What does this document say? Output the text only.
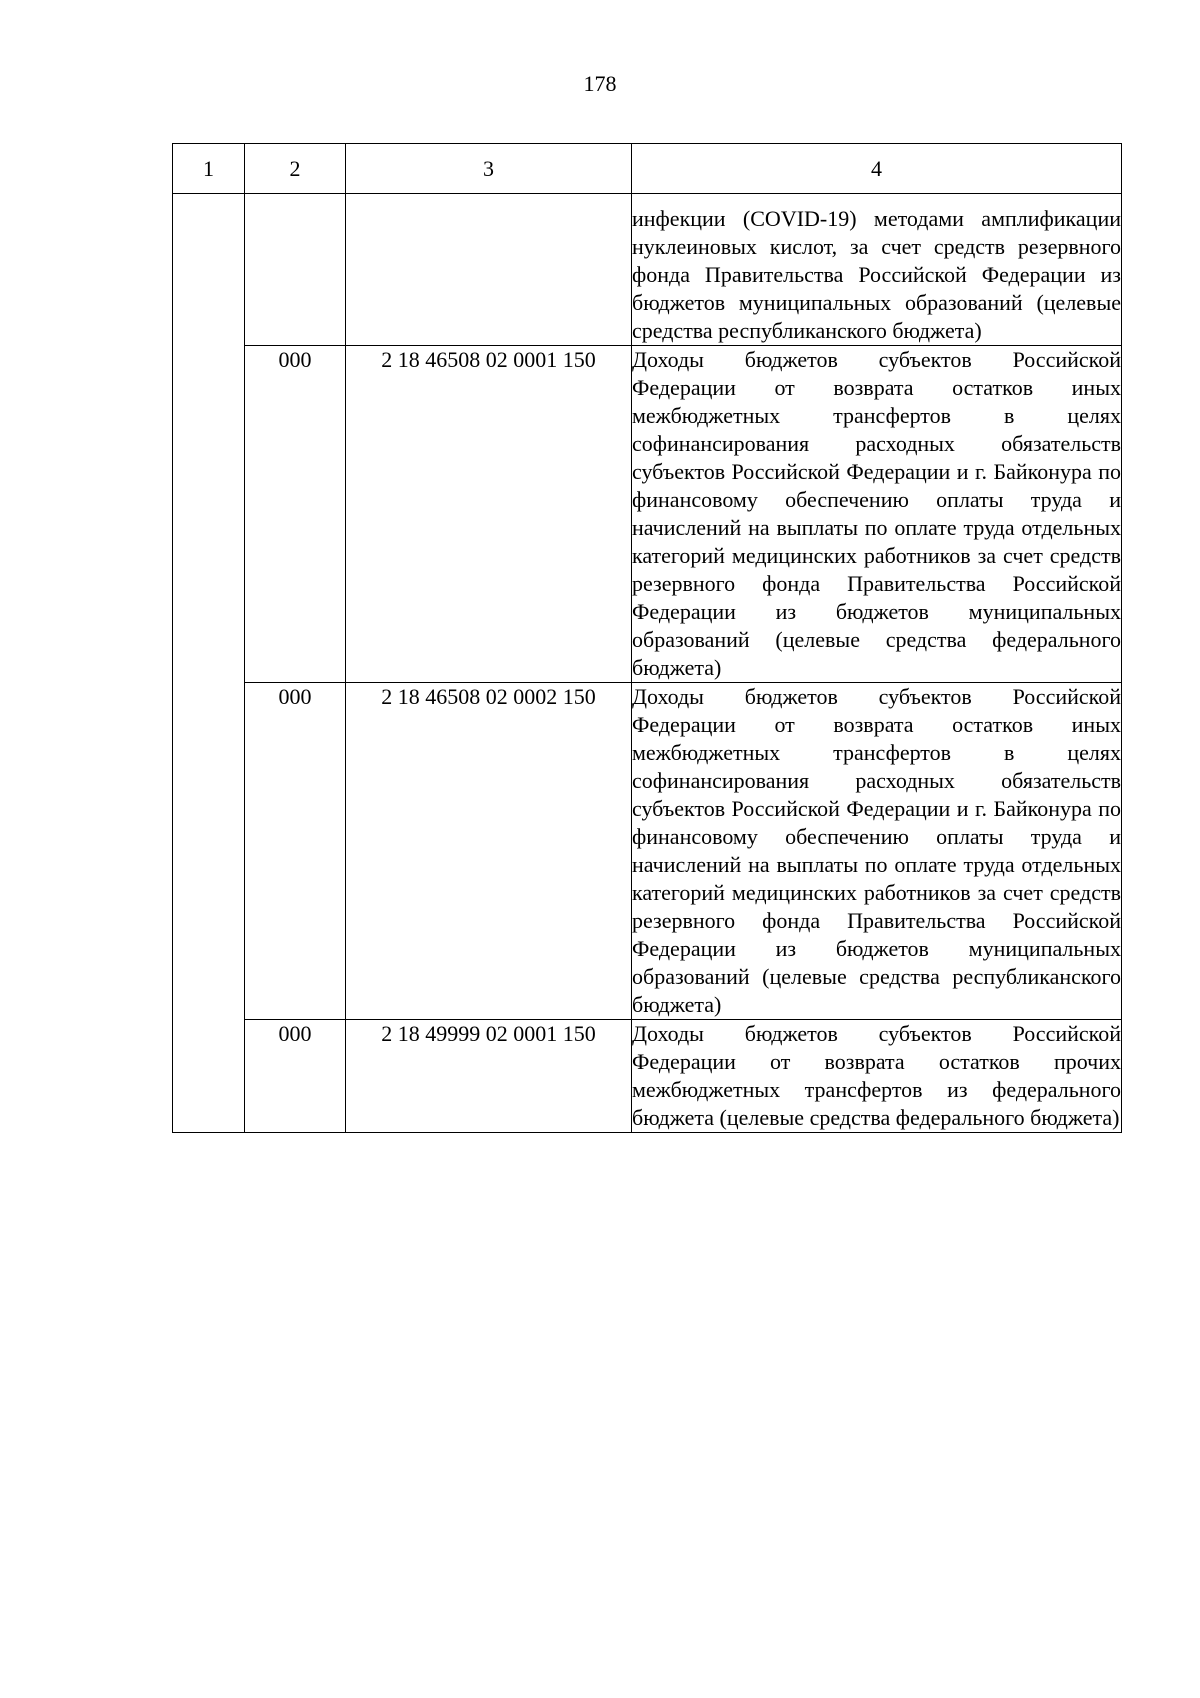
178
1	2	3	4

			инфекции (COVID-19) методами амплификации нуклеиновых кислот, за счет средств резервного фонда Правительства Российской Федерации из бюджетов муниципальных образований (целевые средства республиканского бюджета)

	000	2 18 46508 02 0001 150	Доходы бюджетов субъектов Российской Федерации от возврата остатков иных межбюджетных трансфертов в целях софинансирования расходных обязательств субъектов Российской Федерации и г. Байконура по финансовому обеспечению оплаты труда и начислений на выплаты по оплате труда отдельных категорий медицинских работников за счет средств резервного фонда Правительства Российской Федерации из бюджетов муниципальных образований (целевые средства федерального бюджета)

	000	2 18 46508 02 0002 150	Доходы бюджетов субъектов Российской Федерации от возврата остатков иных межбюджетных трансфертов в целях софинансирования расходных обязательств субъектов Российской Федерации и г. Байконура по финансовому обеспечению оплаты труда и начислений на выплаты по оплате труда отдельных категорий медицинских работников за счет средств резервного фонда Правительства Российской Федерации из бюджетов муниципальных образований (целевые средства республиканского бюджета)

	000	2 18 49999 02 0001 150	Доходы бюджетов субъектов Российской Федерации от возврата остатков прочих межбюджетных трансфертов из федерального бюджета (целевые средства федерального бюджета)
